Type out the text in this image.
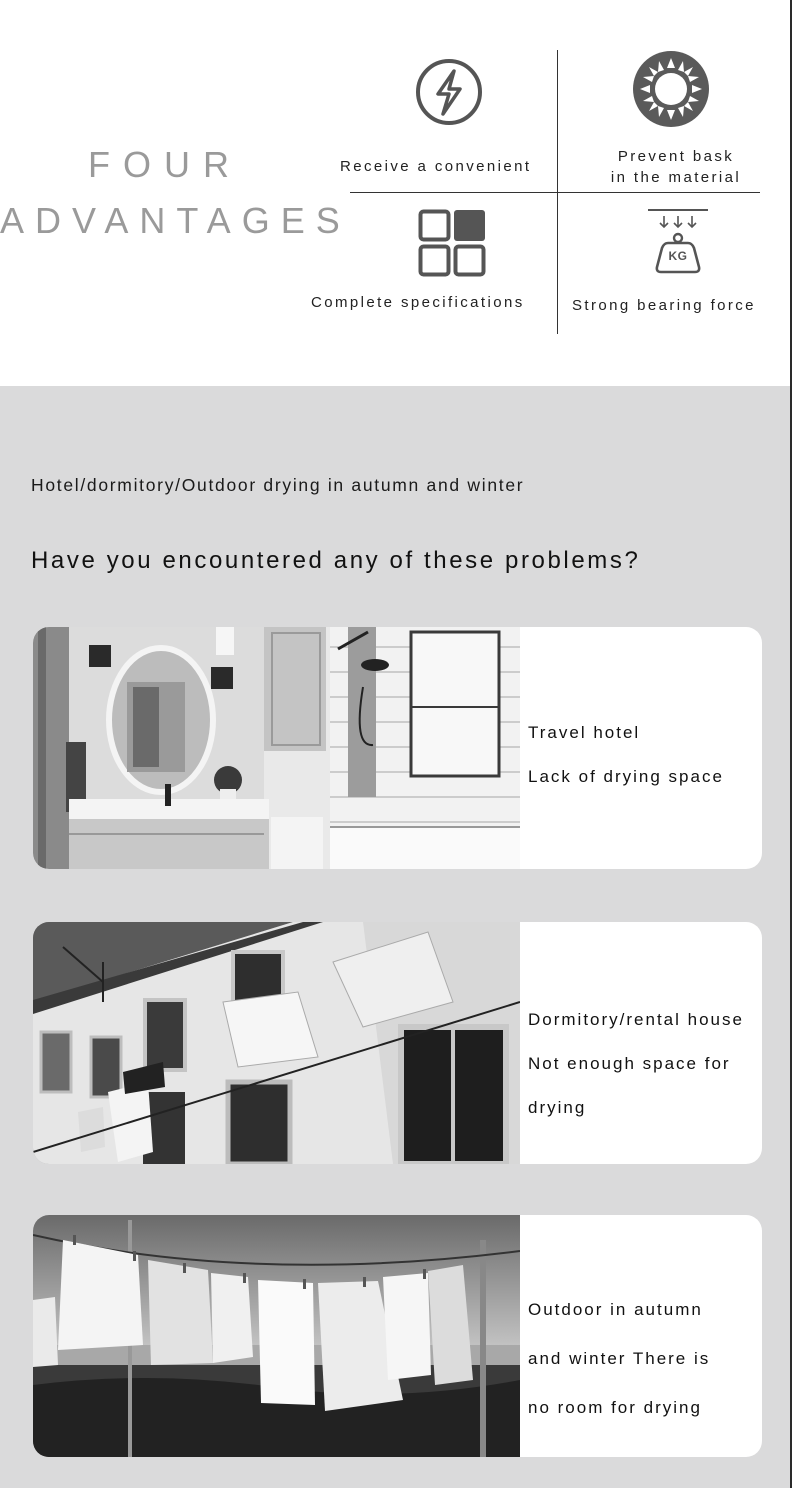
FOUR
ADVANTAGES
Receive a convenient
Prevent bask
in the material
Complete specifications
KG
Strong bearing force
Hotel/dormitory/Outdoor drying in autumn and winter
Have you encountered any of these problems?

Travel hotel

Lack of drying space

Dormitory/rental house

Not enough space for

drying

Outdoor in autumn

and winter There is

no room for drying
